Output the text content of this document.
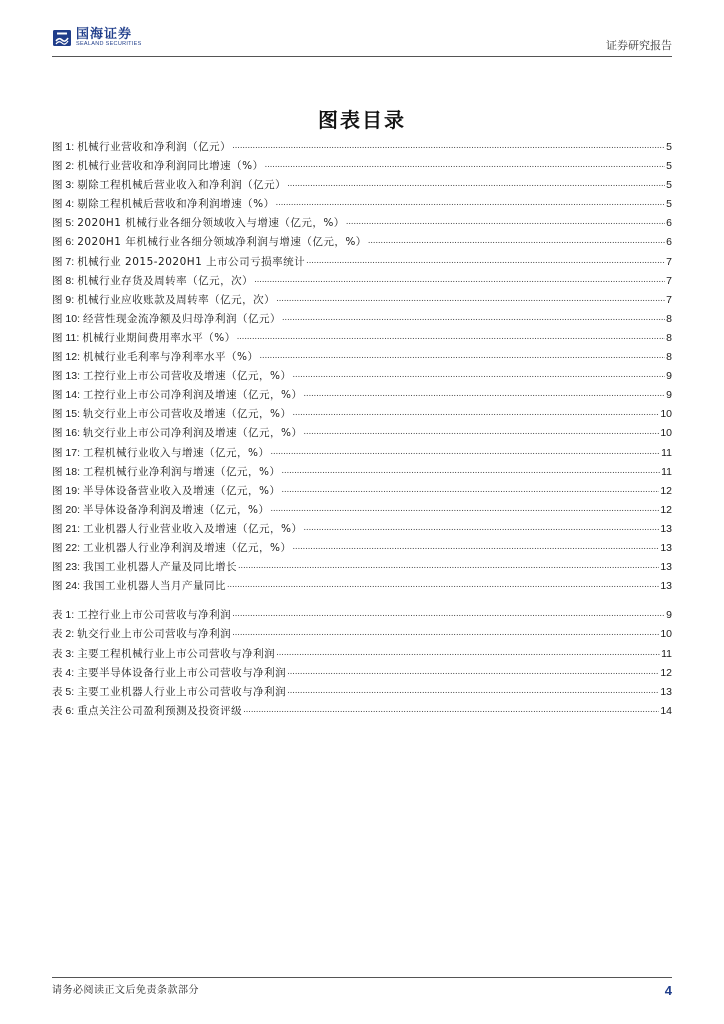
国海证券
SEALAND SECURITIES	证券研究报告
图表目录
图 1: 机械行业营收和净利润（亿元） .....	5
图 2: 机械行业营收和净利润同比增速（%） .....	5
图 3: 剔除工程机械后营业收入和净利润（亿元） .....	5
图 4: 剔除工程机械后营收和净利润增速（%） .....	5
图 5: 2020H1 机械行业各细分领域收入与增速（亿元，%） .....	6
图 6: 2020H1 年机械行业各细分领域净利润与增速（亿元，%） .....	6
图 7: 机械行业 2015-2020H1 上市公司亏损率统计 .....	7
图 8: 机械行业存货及周转率（亿元，次） .....	7
图 9: 机械行业应收账款及周转率（亿元，次） .....	7
图 10: 经营性现金流净额及归母净利润（亿元） .....	8
图 11: 机械行业期间费用率水平（%） .....	8
图 12: 机械行业毛利率与净利率水平（%） .....	8
图 13: 工控行业上市公司营收及增速（亿元，%） .....	9
图 14: 工控行业上市公司净利润及增速（亿元，%） .....	9
图 15: 轨交行业上市公司营收及增速（亿元，%） .....	10
图 16: 轨交行业上市公司净利润及增速（亿元，%） .....	10
图 17: 工程机械行业收入与增速（亿元，%） .....	11
图 18: 工程机械行业净利润与增速（亿元，%） .....	11
图 19: 半导体设备营业收入及增速（亿元，%） .....	12
图 20: 半导体设备净利润及增速（亿元，%） .....	12
图 21: 工业机器人行业营业收入及增速（亿元，%） .....	13
图 22: 工业机器人行业净利润及增速（亿元，%） .....	13
图 23: 我国工业机器人产量及同比增长 .....	13
图 24: 我国工业机器人当月产量同比 .....	13
表 1: 工控行业上市公司营收与净利润 .....	9
表 2: 轨交行业上市公司营收与净利润 .....	10
表 3: 主要工程机械行业上市公司营收与净利润 .....	11
表 4: 主要半导体设备行业上市公司营收与净利润 .....	12
表 5: 主要工业机器人行业上市公司营收与净利润 .....	13
表 6: 重点关注公司盈利预测及投资评级 .....	14
请务必阅读正文后免责条款部分	4
